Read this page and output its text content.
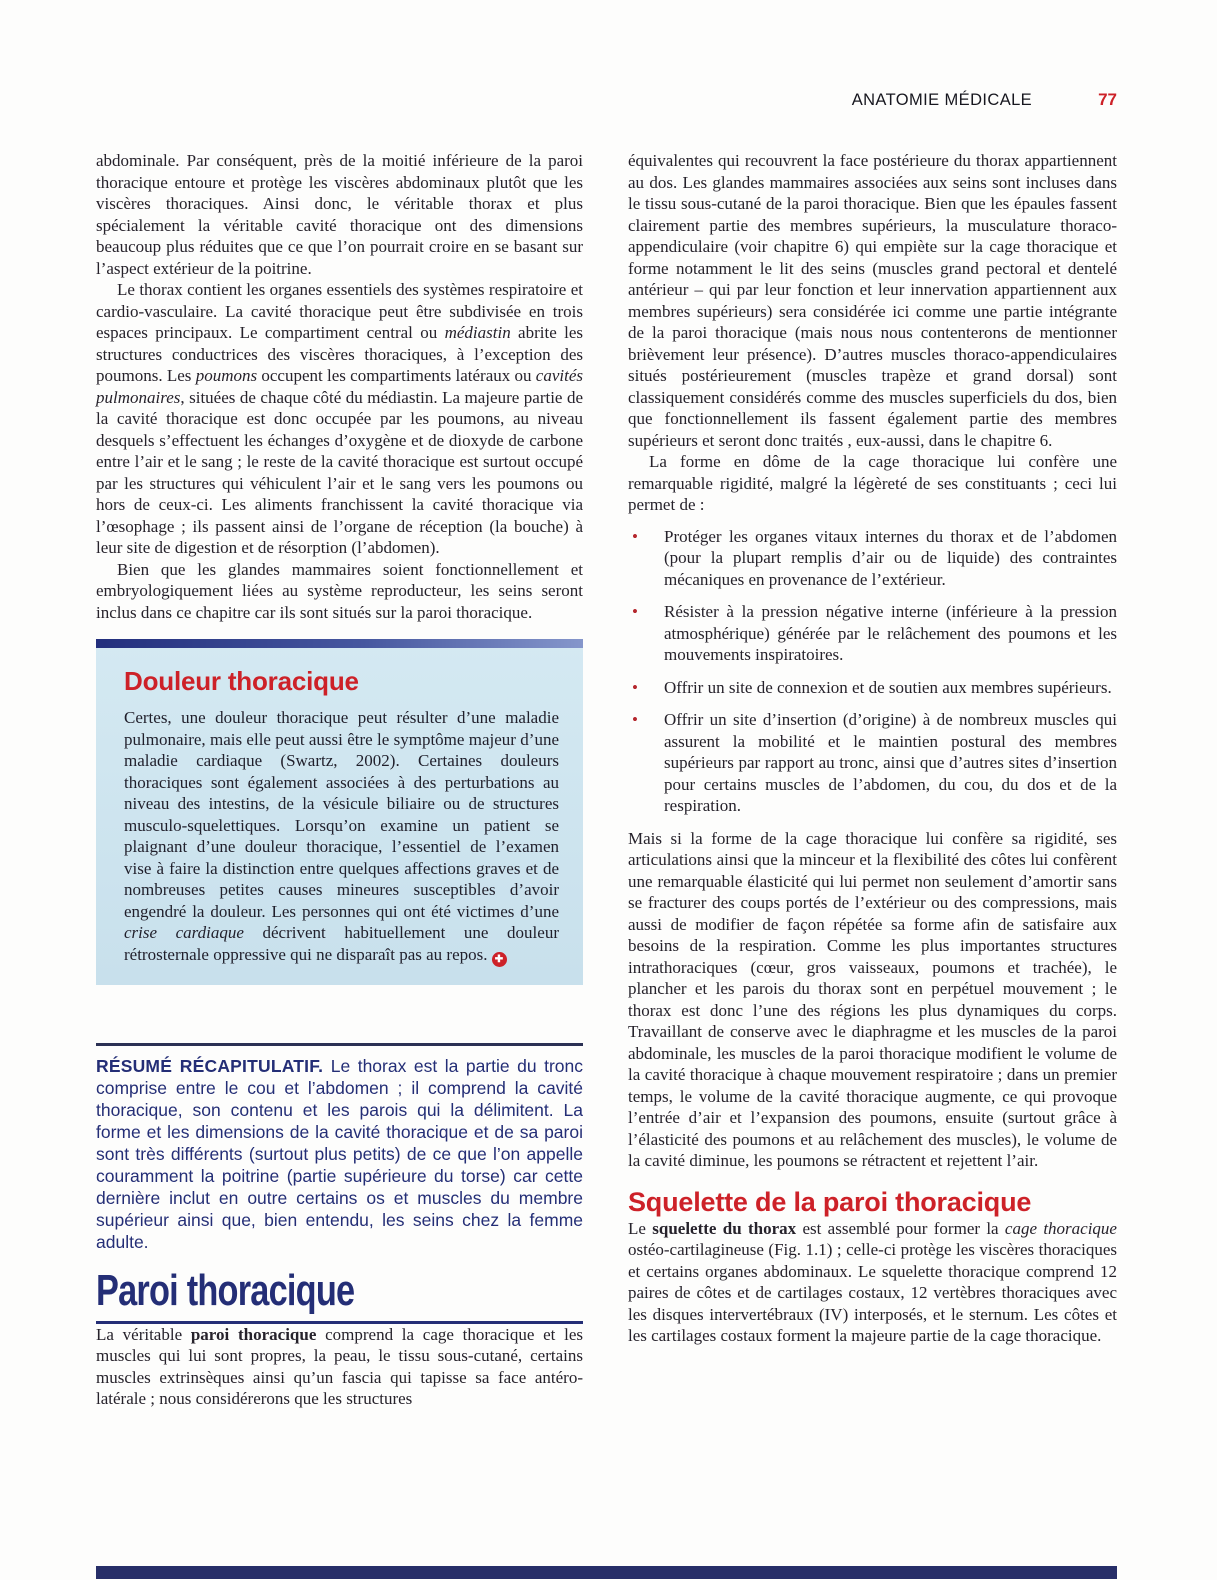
ANATOMIE MÉDICALE	77

abdominale. Par conséquent, près de la moitié inférieure de la paroi thoracique entoure et protège les viscères abdominaux plutôt que les viscères thoraciques. Ainsi donc, le véritable thorax et plus spécialement la véritable cavité thoracique ont des dimensions beaucoup plus réduites que ce que l’on pourrait croire en se basant sur l’aspect extérieur de la poitrine.

Le thorax contient les organes essentiels des systèmes respiratoire et cardio-vasculaire. La cavité thoracique peut être subdivisée en trois espaces principaux. Le compartiment central ou médiastin abrite les structures conductrices des viscères thoraciques, à l’exception des poumons. Les poumons occupent les compartiments latéraux ou cavités pulmonaires, situées de chaque côté du médiastin. La majeure partie de la cavité thoracique est donc occupée par les poumons, au niveau desquels s’effectuent les échanges d’oxygène et de dioxyde de carbone entre l’air et le sang ; le reste de la cavité thoracique est surtout occupé par les structures qui véhiculent l’air et le sang vers les poumons ou hors de ceux-ci. Les aliments franchissent la cavité thoracique via l’œsophage ; ils passent ainsi de l’organe de réception (la bouche) à leur site de digestion et de résorption (l’abdomen).

Bien que les glandes mammaires soient fonctionnellement et embryologiquement liées au système reproducteur, les seins seront inclus dans ce chapitre car ils sont situés sur la paroi thoracique.

Douleur thoracique

Certes, une douleur thoracique peut résulter d’une maladie pulmonaire, mais elle peut aussi être le symptôme majeur d’une maladie cardiaque (Swartz, 2002). Certaines douleurs thoraciques sont également associées à des perturbations au niveau des intestins, de la vésicule biliaire ou de structures musculo-squelettiques. Lorsqu’on examine un patient se plaignant d’une douleur thoracique, l’essentiel de l’examen vise à faire la distinction entre quelques affections graves et de nombreuses petites causes mineures susceptibles d’avoir engendré la douleur. Les personnes qui ont été victimes d’une crise cardiaque décrivent habituellement une douleur rétrosternale oppressive qui ne disparaît pas au repos. ✚

RÉSUMÉ RÉCAPITULATIF. Le thorax est la partie du tronc comprise entre le cou et l’abdomen ; il comprend la cavité thoracique, son contenu et les parois qui la délimitent. La forme et les dimensions de la cavité thoracique et de sa paroi sont très différents (surtout plus petits) de ce que l’on appelle couramment la poitrine (partie supérieure du torse) car cette dernière inclut en outre certains os et muscles du membre supérieur ainsi que, bien entendu, les seins chez la femme adulte.

Paroi thoracique

La véritable paroi thoracique comprend la cage thoracique et les muscles qui lui sont propres, la peau, le tissu sous-cutané, certains muscles extrinsèques ainsi qu’un fascia qui tapisse sa face antéro-latérale ; nous considérerons que les structures

équivalentes qui recouvrent la face postérieure du thorax appartiennent au dos. Les glandes mammaires associées aux seins sont incluses dans le tissu sous-cutané de la paroi thoracique. Bien que les épaules fassent clairement partie des membres supérieurs, la musculature thoraco-appendiculaire (voir chapitre 6) qui empiète sur la cage thoracique et forme notamment le lit des seins (muscles grand pectoral et dentelé antérieur – qui par leur fonction et leur innervation appartiennent aux membres supérieurs) sera considérée ici comme une partie intégrante de la paroi thoracique (mais nous nous contenterons de mentionner brièvement leur présence). D’autres muscles thoraco-appendiculaires situés postérieurement (muscles trapèze et grand dorsal) sont classiquement considérés comme des muscles superficiels du dos, bien que fonctionnellement ils fassent également partie des membres supérieurs et seront donc traités , eux-aussi, dans le chapitre 6.

La forme en dôme de la cage thoracique lui confère une remarquable rigidité, malgré la légèreté de ses constituants ; ceci lui permet de :

•	Protéger les organes vitaux internes du thorax et de l’abdomen (pour la plupart remplis d’air ou de liquide) des contraintes mécaniques en provenance de l’extérieur.
•	Résister à la pression négative interne (inférieure à la pression atmosphérique) générée par le relâchement des poumons et les mouvements inspiratoires.
•	Offrir un site de connexion et de soutien aux membres supérieurs.
•	Offrir un site d’insertion (d’origine) à de nombreux muscles qui assurent la mobilité et le maintien postural des membres supérieurs par rapport au tronc, ainsi que d’autres sites d’insertion pour certains muscles de l’abdomen, du cou, du dos et de la respiration.

Mais si la forme de la cage thoracique lui confère sa rigidité, ses articulations ainsi que la minceur et la flexibilité des côtes lui confèrent une remarquable élasticité qui lui permet non seulement d’amortir sans se fracturer des coups portés de l’extérieur ou des compressions, mais aussi de modifier de façon répétée sa forme afin de satisfaire aux besoins de la respiration. Comme les plus importantes structures intrathoraciques (cœur, gros vaisseaux, poumons et trachée), le plancher et les parois du thorax sont en perpétuel mouvement ; le thorax est donc l’une des régions les plus dynamiques du corps. Travaillant de conserve avec le diaphragme et les muscles de la paroi abdominale, les muscles de la paroi thoracique modifient le volume de la cavité thoracique à chaque mouvement respiratoire ; dans un premier temps, le volume de la cavité thoracique augmente, ce qui provoque l’entrée d’air et l’expansion des poumons, ensuite (surtout grâce à l’élasticité des poumons et au relâchement des muscles), le volume de la cavité diminue, les poumons se rétractent et rejettent l’air.

Squelette de la paroi thoracique

Le squelette du thorax est assemblé pour former la cage thoracique ostéo-cartilagineuse (Fig. 1.1) ; celle-ci protège les viscères thoraciques et certains organes abdominaux. Le squelette thoracique comprend 12 paires de côtes et de cartilages costaux, 12 vertèbres thoraciques avec les disques intervertébraux (IV) interposés, et le sternum. Les côtes et les cartilages costaux forment la majeure partie de la cage thoracique.
